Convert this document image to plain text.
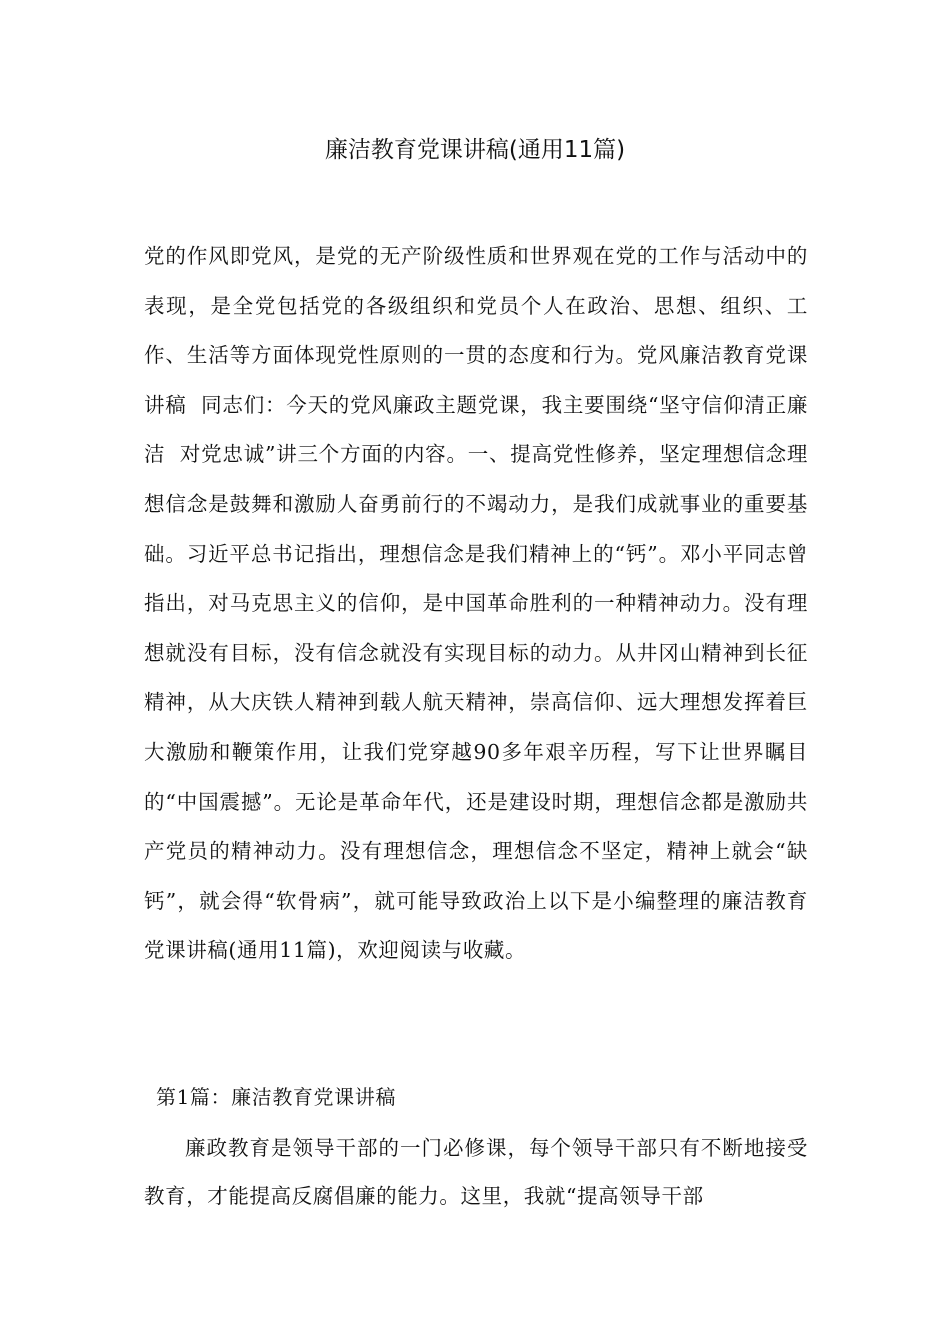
廉洁教育党课讲稿(通用11篇)

党的作风即党风，是党的无产阶级性质和世界观在党的工作与活动中的表现，是全党包括党的各级组织和党员个人在政治、思想、组织、工作、生活等方面体现党性原则的一贯的态度和行为。党风廉洁教育党课讲稿  同志们：今天的党风廉政主题党课，我主要围绕“坚守信仰清正廉洁  对党忠诚”讲三个方面的内容。一、提高党性修养，坚定理想信念理想信念是鼓舞和激励人奋勇前行的不竭动力，是我们成就事业的重要基础。习近平总书记指出，理想信念是我们精神上的“钙”。邓小平同志曾指出，对马克思主义的信仰，是中国革命胜利的一种精神动力。没有理想就没有目标，没有信念就没有实现目标的动力。从井冈山精神到长征精神，从大庆铁人精神到载人航天精神，崇高信仰、远大理想发挥着巨大激励和鞭策作用，让我们党穿越90多年艰辛历程，写下让世界瞩目的“中国震撼”。无论是革命年代，还是建设时期，理想信念都是激励共产党员的精神动力。没有理想信念，理想信念不坚定，精神上就会“缺钙”，就会得“软骨病”，就可能导致政治上以下是小编整理的廉洁教育党课讲稿(通用11篇)，欢迎阅读与收藏。

第1篇：廉洁教育党课讲稿

廉政教育是领导干部的一门必修课，每个领导干部只有不断地接受教育，才能提高反腐倡廉的能力。这里，我就“提高领导干部
